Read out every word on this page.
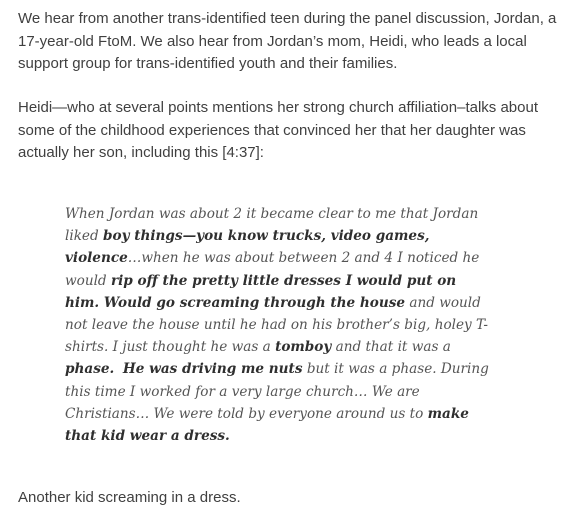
We hear from another trans-identified teen during the panel discussion, Jordan, a 17-year-old FtoM. We also hear from Jordan’s mom, Heidi, who leads a local support group for trans-identified youth and their families.

Heidi—who at several points mentions her strong church affiliation–talks about some of the childhood experiences that convinced her that her daughter was actually her son, including this [4:37]:

When Jordan was about 2 it became clear to me that Jordan liked boy things—you know trucks, video games, violence…when he was about between 2 and 4 I noticed he would rip off the pretty little dresses I would put on him. Would go screaming through the house and would not leave the house until he had on his brother’s big, holey T-shirts. I just thought he was a tomboy and that it was a phase. He was driving me nuts but it was a phase. During this time I worked for a very large church… We are Christians… We were told by everyone around us to make that kid wear a dress.

Another kid screaming in a dress.
